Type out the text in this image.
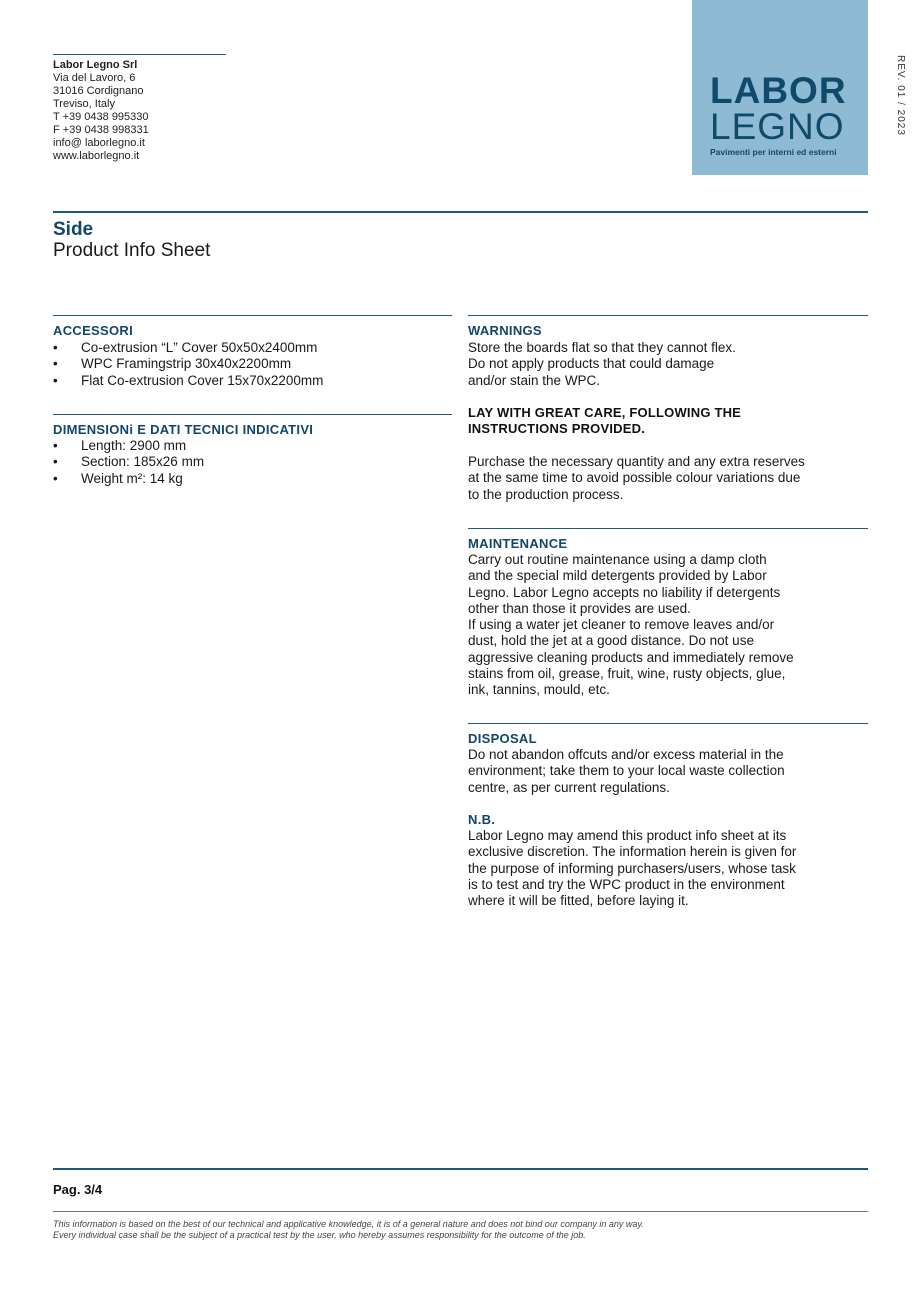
Labor Legno Srl
Via del Lavoro, 6
31016 Cordignano
Treviso, Italy
T +39 0438 995330
F +39 0438 998331
info@ laborlegno.it
www.laborlegno.it
LABOR
LEGNO
Pavimenti per interni ed esterni
REV. 01 / 2023
Side
Product Info Sheet
ACCESSORI
• Co-extrusion “L” Cover 50x50x2400mm
• WPC Framingstrip 30x40x2200mm
• Flat Co-extrusion Cover 15x70x2200mm
DIMENSIONi E DATI TECNICI INDICATIVI
• Length: 2900 mm
• Section: 185x26 mm
• Weight m²: 14 kg
WARNINGS
Store the boards flat so that they cannot flex.
Do not apply products that could damage
and/or stain the WPC.
LAY WITH GREAT CARE, FOLLOWING THE
INSTRUCTIONS PROVIDED.
Purchase the necessary quantity and any extra reserves
at the same time to avoid possible colour variations due
to the production process.
MAINTENANCE
Carry out routine maintenance using a damp cloth
and the special mild detergents provided by Labor
Legno. Labor Legno accepts no liability if detergents
other than those it provides are used.
If using a water jet cleaner to remove leaves and/or
dust, hold the jet at a good distance. Do not use
aggressive cleaning products and immediately remove
stains from oil, grease, fruit, wine, rusty objects, glue,
ink, tannins, mould, etc.
DISPOSAL
Do not abandon offcuts and/or excess material in the
environment; take them to your local waste collection
centre, as per current regulations.
N.B.
Labor Legno may amend this product info sheet at its
exclusive discretion. The information herein is given for
the purpose of informing purchasers/users, whose task
is to test and try the WPC product in the environment
where it will be fitted, before laying it.
Pag. 3/4
This information is based on the best of our technical and applicative knowledge, it is of a general nature and does not bind our company in any way.
Every individual case shall be the subject of a practical test by the user, who hereby assumes responsibility for the outcome of the job.
